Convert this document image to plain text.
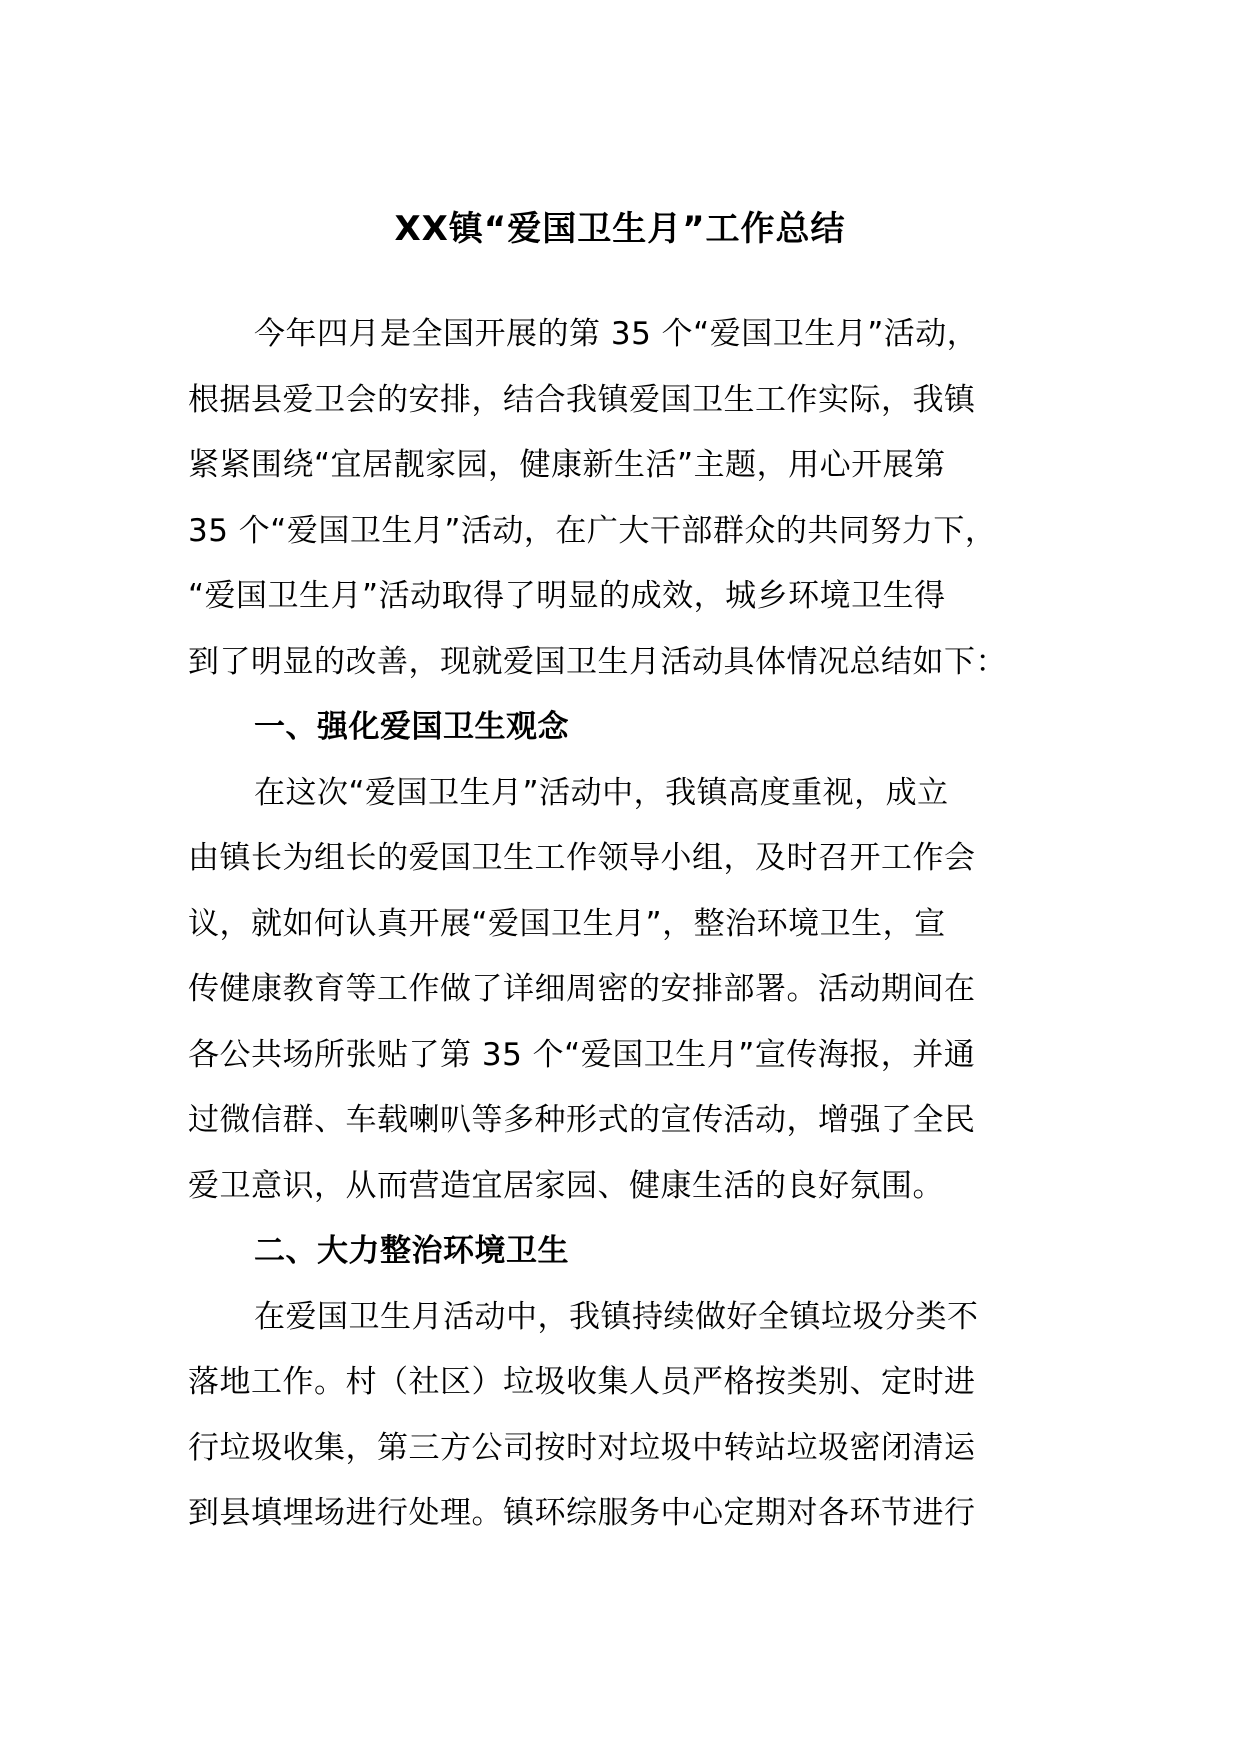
XX镇“爱国卫生月”工作总结
今年四月是全国开展的第 35 个“爱国卫生月”活动，
根据县爱卫会的安排，结合我镇爱国卫生工作实际，我镇
紧紧围绕“宜居靓家园，健康新生活”主题，用心开展第
35 个“爱国卫生月”活动，在广大干部群众的共同努力下，
“爱国卫生月”活动取得了明显的成效，城乡环境卫生得
到了明显的改善，现就爱国卫生月活动具体情况总结如下：
一、强化爱国卫生观念
在这次“爱国卫生月”活动中，我镇高度重视，成立
由镇长为组长的爱国卫生工作领导小组，及时召开工作会
议，就如何认真开展“爱国卫生月”，整治环境卫生，宣
传健康教育等工作做了详细周密的安排部署。活动期间在
各公共场所张贴了第 35 个“爱国卫生月”宣传海报，并通
过微信群、车载喇叭等多种形式的宣传活动，增强了全民
爱卫意识，从而营造宜居家园、健康生活的良好氛围。
二、大力整治环境卫生
在爱国卫生月活动中，我镇持续做好全镇垃圾分类不
落地工作。村（社区）垃圾收集人员严格按类别、定时进
行垃圾收集，第三方公司按时对垃圾中转站垃圾密闭清运
到县填埋场进行处理。镇环综服务中心定期对各环节进行
